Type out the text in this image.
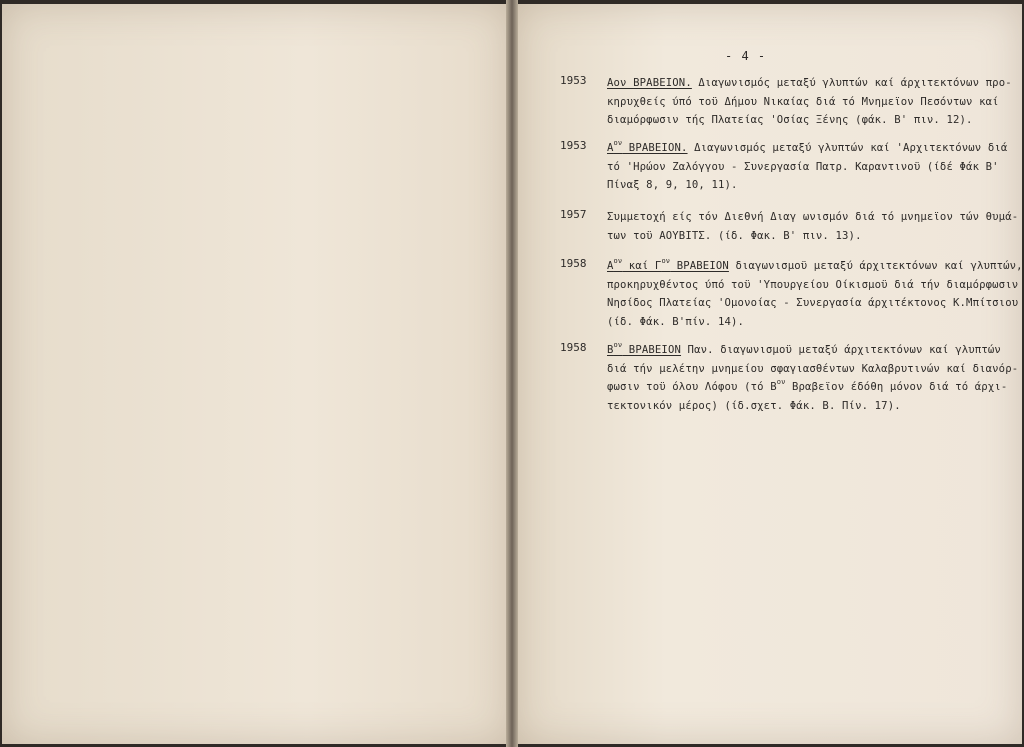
- 4 -
1953 Αον ΒΡΑΒΕΙΟΝ. Διαγωνισμός μεταξύ γλυπτών καί άρχιτεκτόνων προ-
κηρυχθείς ύπό τοϋ Δήμου Νικαίας διά τό Μνημεϊον Πεσόντων καί
διαμόρφωσιν τής Πλατείας 'Οσίας Ξένης (φάκ. Β' πιν. 12).
1953 $A^{o\nu}$ ΒΡΑΒΕΙΟΝ. Διαγωνισμός μεταξύ γλυπτών καί 'Αρχιτεκτόνων διά
τό 'Ηρώον Ζαλόγγου - Συνεργασία Πατρ. Καραντινοϋ (ίδέ Φάκ Β'
Πίναξ 8, 9, 10, 11).
1957 Συμμετοχή είς τόν Διεθνή Διαγ ωνισμόν διά τό μνημεϊον τών θυμά-
των τοϋ ΑΟΥΒΙΤΣ. (ίδ. Φακ. Β' πιν. 13).
1958 $A^{o\nu}$ καί $\Gamma^{o\nu}$ ΒΡΑΒΕΙΟΝ διαγωνισμοϋ μεταξύ άρχιτεκτόνων καί γλυπτών,
προκηρυχθέντος ύπό τοϋ 'Υπουργείου Οίκισμοϋ διά τήν διαμόρφωσιν
Νησίδος Πλατείας 'Ομονοίας - Συνεργασία άρχιτέκτονος Κ.Μπίτσιου
(ίδ. Φάκ. Β'πίν. 14).
1958 $B^{o\nu}$ ΒΡΑΒΕΙΟΝ Παν. διαγωνισμοϋ μεταξύ άρχιτεκτόνων καί γλυπτών
διά τήν μελέτην μνημείου σφαγιασθέντων Καλαβρυτινών καί διανόρ-
φωσιν τοϋ όλου Λόφου (τό $B^{o\nu}$ Βραβεϊον έδόθη μόνον διά τό άρχι-
τεκτονικόν μέρος) (ίδ.σχετ. Φάκ. Β. Πίν. 17).
